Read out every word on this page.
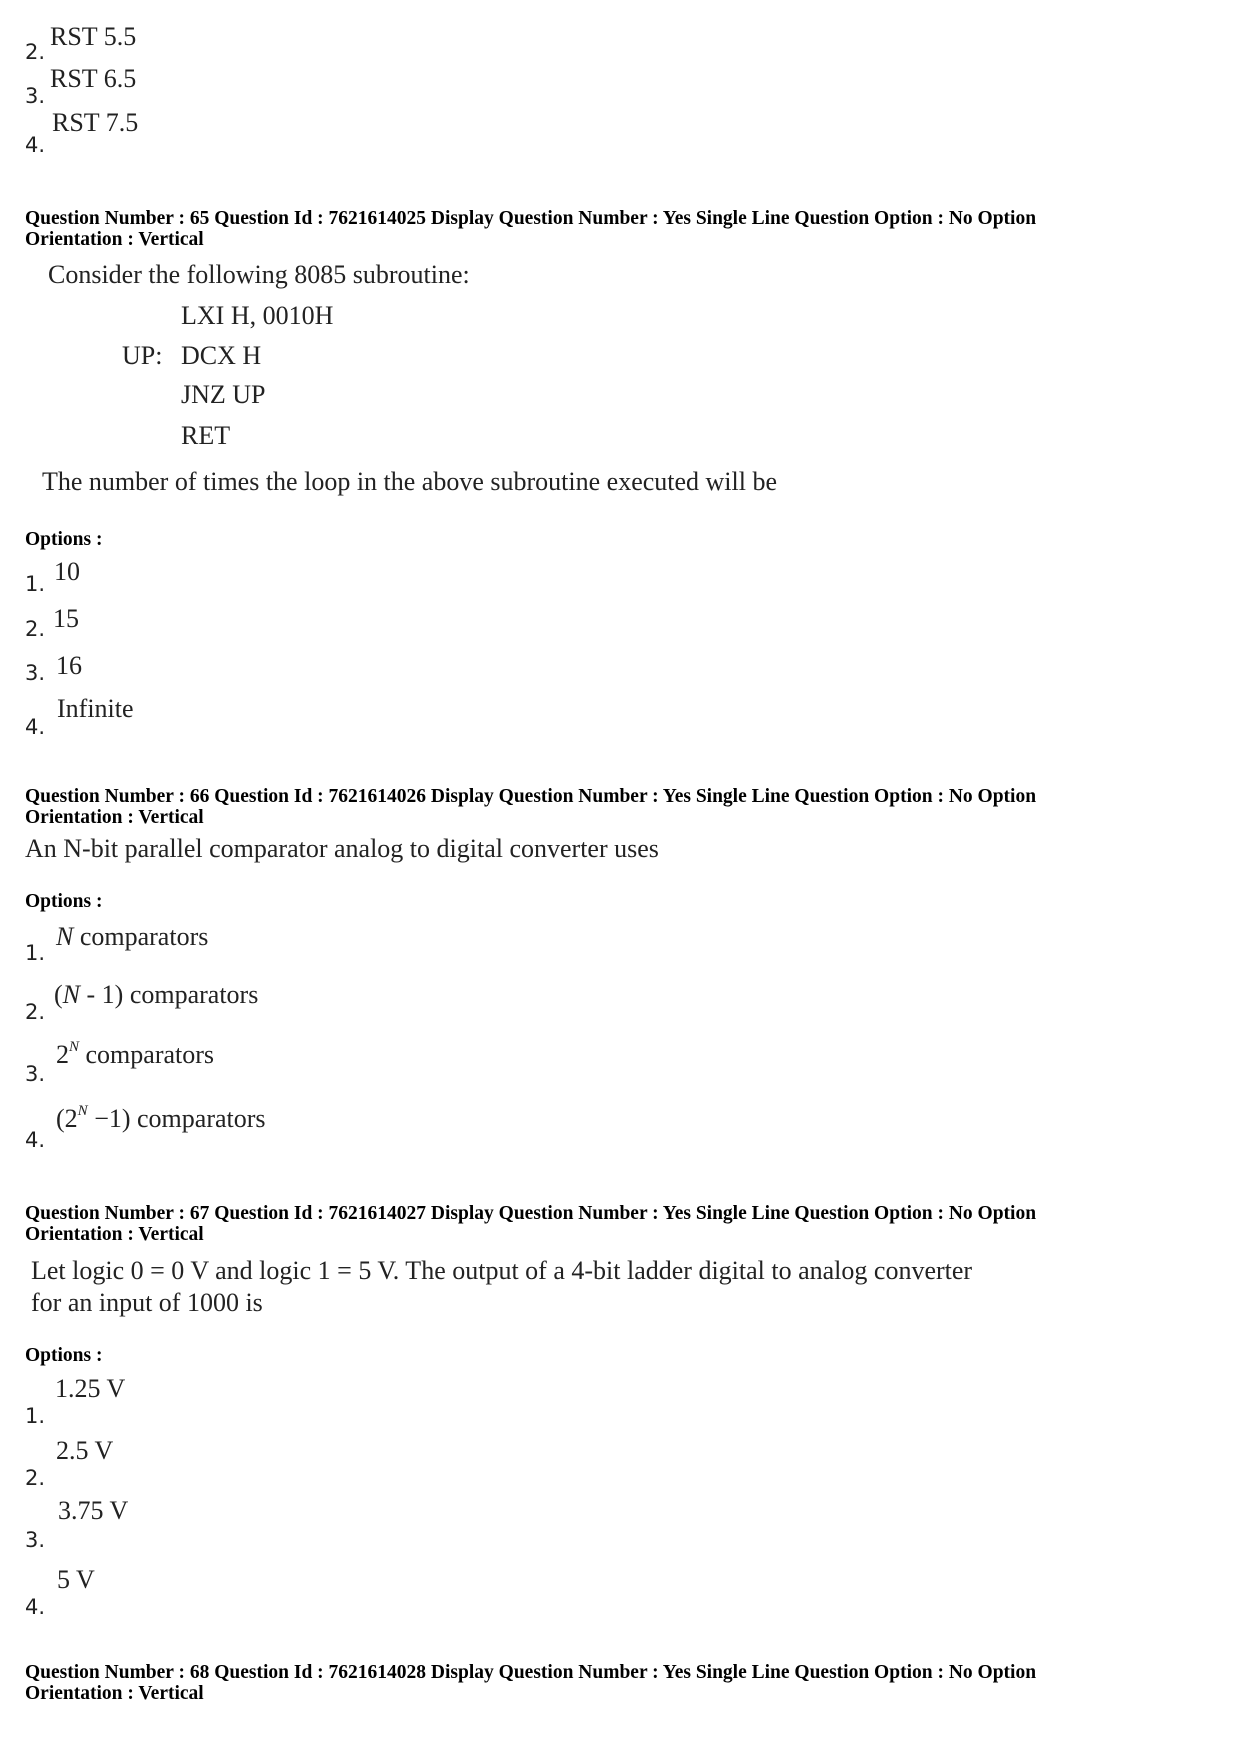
2.
RST 5.5
3.
RST 6.5
4.
RST 7.5
Question Number : 65 Question Id : 7621614025 Display Question Number : Yes Single Line Question Option : No Option
Orientation : Vertical
Consider the following 8085 subroutine:
LXI H, 0010H
UP: DCX H
JNZ UP
RET
The number of times the loop in the above subroutine executed will be
Options :
1. 10
2. 15
3. 16
4.
Infinite
Question Number : 66 Question Id : 7621614026 Display Question Number : Yes Single Line Question Option : No Option
Orientation : Vertical
An N-bit parallel comparator analog to digital converter uses
Options :
1.
N comparators
2.
(N - 1) comparators
3.
$2^N$ comparators
4.
$(2^N -1)$ comparators
Question Number : 67 Question Id : 7621614027 Display Question Number : Yes Single Line Question Option : No Option
Orientation : Vertical
Let logic 0 = 0 V and logic 1 = 5 V. The output of a 4-bit ladder digital to analog converter
for an input of 1000 is
Options :
1.
1.25 V
2.
2.5 V
3.
3.75 V
4.
5 V
Question Number : 68 Question Id : 7621614028 Display Question Number : Yes Single Line Question Option : No Option
Orientation : Vertical
